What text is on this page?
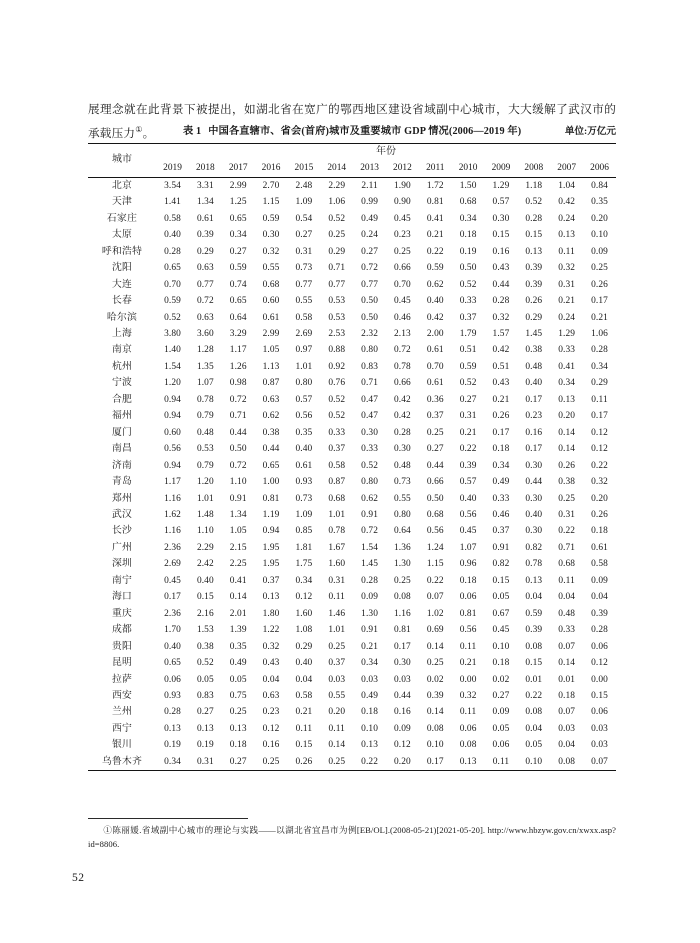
展理念就在此背景下被提出，如湖北省在宽广的鄂西地区建设省域副中心城市，大大缓解了武汉市的承载压力①。	表 1 中国各直辖市、省会(首府)城市及重要城市 GDP 情况(2006—2019 年)	单位:万亿元
城市	年份													
	2019	2018	2017	2016	2015	2014	2013	2012	2011	2010	2009	2008	2007	2006
北京	3.54	3.31	2.99	2.70	2.48	2.29	2.11	1.90	1.72	1.50	1.29	1.18	1.04	0.84
天津	1.41	1.34	1.25	1.15	1.09	1.06	0.99	0.90	0.81	0.68	0.57	0.52	0.42	0.35
石家庄	0.58	0.61	0.65	0.59	0.54	0.52	0.49	0.45	0.41	0.34	0.30	0.28	0.24	0.20
太原	0.40	0.39	0.34	0.30	0.27	0.25	0.24	0.23	0.21	0.18	0.15	0.15	0.13	0.10
呼和浩特	0.28	0.29	0.27	0.32	0.31	0.29	0.27	0.25	0.22	0.19	0.16	0.13	0.11	0.09
沈阳	0.65	0.63	0.59	0.55	0.73	0.71	0.72	0.66	0.59	0.50	0.43	0.39	0.32	0.25
大连	0.70	0.77	0.74	0.68	0.77	0.77	0.77	0.70	0.62	0.52	0.44	0.39	0.31	0.26
长春	0.59	0.72	0.65	0.60	0.55	0.53	0.50	0.45	0.40	0.33	0.28	0.26	0.21	0.17
哈尔滨	0.52	0.63	0.64	0.61	0.58	0.53	0.50	0.46	0.42	0.37	0.32	0.29	0.24	0.21
上海	3.80	3.60	3.29	2.99	2.69	2.53	2.32	2.13	2.00	1.79	1.57	1.45	1.29	1.06
南京	1.40	1.28	1.17	1.05	0.97	0.88	0.80	0.72	0.61	0.51	0.42	0.38	0.33	0.28
杭州	1.54	1.35	1.26	1.13	1.01	0.92	0.83	0.78	0.70	0.59	0.51	0.48	0.41	0.34
宁波	1.20	1.07	0.98	0.87	0.80	0.76	0.71	0.66	0.61	0.52	0.43	0.40	0.34	0.29
合肥	0.94	0.78	0.72	0.63	0.57	0.52	0.47	0.42	0.36	0.27	0.21	0.17	0.13	0.11
福州	0.94	0.79	0.71	0.62	0.56	0.52	0.47	0.42	0.37	0.31	0.26	0.23	0.20	0.17
厦门	0.60	0.48	0.44	0.38	0.35	0.33	0.30	0.28	0.25	0.21	0.17	0.16	0.14	0.12
南昌	0.56	0.53	0.50	0.44	0.40	0.37	0.33	0.30	0.27	0.22	0.18	0.17	0.14	0.12
济南	0.94	0.79	0.72	0.65	0.61	0.58	0.52	0.48	0.44	0.39	0.34	0.30	0.26	0.22
青岛	1.17	1.20	1.10	1.00	0.93	0.87	0.80	0.73	0.66	0.57	0.49	0.44	0.38	0.32
郑州	1.16	1.01	0.91	0.81	0.73	0.68	0.62	0.55	0.50	0.40	0.33	0.30	0.25	0.20
武汉	1.62	1.48	1.34	1.19	1.09	1.01	0.91	0.80	0.68	0.56	0.46	0.40	0.31	0.26
长沙	1.16	1.10	1.05	0.94	0.85	0.78	0.72	0.64	0.56	0.45	0.37	0.30	0.22	0.18
广州	2.36	2.29	2.15	1.95	1.81	1.67	1.54	1.36	1.24	1.07	0.91	0.82	0.71	0.61
深圳	2.69	2.42	2.25	1.95	1.75	1.60	1.45	1.30	1.15	0.96	0.82	0.78	0.68	0.58
南宁	0.45	0.40	0.41	0.37	0.34	0.31	0.28	0.25	0.22	0.18	0.15	0.13	0.11	0.09
海口	0.17	0.15	0.14	0.13	0.12	0.11	0.09	0.08	0.07	0.06	0.05	0.04	0.04	0.04
重庆	2.36	2.16	2.01	1.80	1.60	1.46	1.30	1.16	1.02	0.81	0.67	0.59	0.48	0.39
成都	1.70	1.53	1.39	1.22	1.08	1.01	0.91	0.81	0.69	0.56	0.45	0.39	0.33	0.28
贵阳	0.40	0.38	0.35	0.32	0.29	0.25	0.21	0.17	0.14	0.11	0.10	0.08	0.07	0.06
昆明	0.65	0.52	0.49	0.43	0.40	0.37	0.34	0.30	0.25	0.21	0.18	0.15	0.14	0.12
拉萨	0.06	0.05	0.05	0.04	0.04	0.03	0.03	0.03	0.02	0.00	0.02	0.01	0.01	0.00
西安	0.93	0.83	0.75	0.63	0.58	0.55	0.49	0.44	0.39	0.32	0.27	0.22	0.18	0.15
兰州	0.28	0.27	0.25	0.23	0.21	0.20	0.18	0.16	0.14	0.11	0.09	0.08	0.07	0.06
西宁	0.13	0.13	0.13	0.12	0.11	0.11	0.10	0.09	0.08	0.06	0.05	0.04	0.03	0.03
银川	0.19	0.19	0.18	0.16	0.15	0.14	0.13	0.12	0.10	0.08	0.06	0.05	0.04	0.03
乌鲁木齐	0.34	0.31	0.27	0.25	0.26	0.25	0.22	0.20	0.17	0.13	0.11	0.10	0.08	0.07
①陈丽媛.省域副中心城市的理论与实践——以湖北省宜昌市为例[EB/OL].(2008-05-21)[2021-05-20]. http://www.hbzyw.gov.cn/xwxx.asp? id=8806.
52
